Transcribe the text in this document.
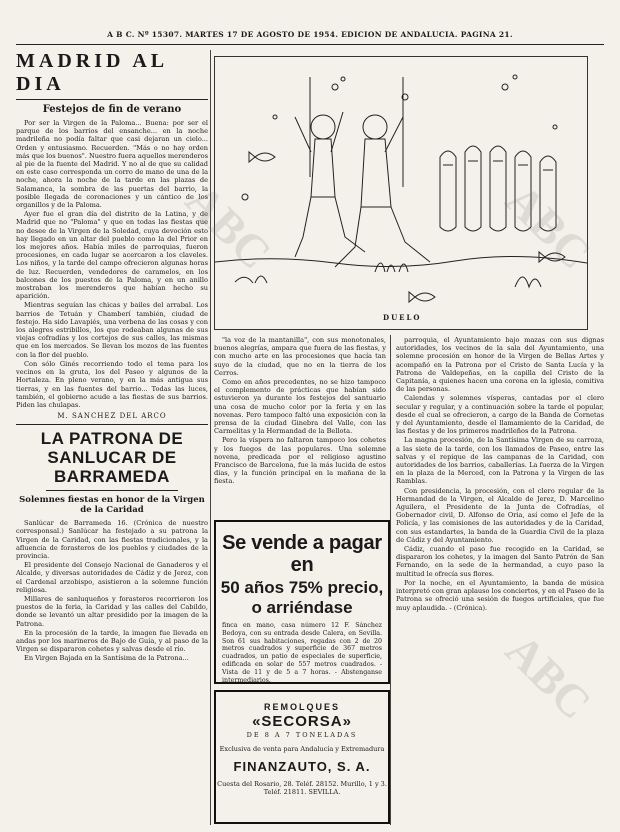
A B C. Nº 15307. MARTES 17 DE AGOSTO DE 1954. EDICION DE ANDALUCIA. PAGINA 21.
MADRID AL DIA
Festejos de fin de verano

Por ser la Virgen de la Paloma... Buena: por ser el parque de los barrios del ensanche... en la noche madrileña no podía faltar que casi dejaran un cielo... Orden y entusiasmo. Recuerden. "Más o no hay orden más que los buenos". Nuestro fuera aquellos merenderos al pie de la fuente del Madrid. Y no al de que su calidad en este caso corresponda un corro de mano de una de la noche, ahora la noche de la tarde en las plazas de Salamanca, la sombra de las puertas del barrio, la posible llegada de coronaciones y un cántico de los organillos y de la Paloma.

Ayer fue el gran día del distrito de la Latina, y de Madrid que no "Paloma" y que en todas las fiestas que no desee de la Virgen de la Soledad, cuya devoción esto hay llegado en un altar del pueblo como la del Prior en los mejores años. Había miles de parroquias, fueron procesiones, en cada lugar se acercaron a los claveles. Los niños, y la tarde del campo ofrecieron algunas horas de luz. Recuerden, vendedores de caramelos, en los balcones de los puestos de la Paloma, y en un anillo mostraban los merenderos que habían hecho su aparición.

Mientras seguían las chicas y bailes del arrabal. Los barrios de Tetuán y Chamberí también, ciudad de festejo. Ha sido Lavapiés, una verbena de las cosas y con los alegres estribillos, los que rodeaban algunas de sus viejas cofradías y los cortejos de sus calles, las mismas que en los mercados. Se llevan los mozos de las fuentes con la flor del pueblo.

Con sólo Ginés recorriendo todo el tema para los vecinos en la gruta, los del Paseo y algunos de la Hortaleza. En pleno verano, y en la más antigua sus tierras, y en las fuentes del barrio... Todas las luces, también, el gobierno acude a las fiestas de sus barrios. Piden las chulapas.

M. SANCHEZ DEL ARCO
LA PATRONA DE SANLUCAR DE BARRAMEDA
Solemnes fiestas en honor de la Virgen de la Caridad

Sanlúcar de Barrameda 16. (Crónica de nuestro corresponsal.) Sanlúcar ha festejado a su patrona la Virgen de la Caridad, con las fiestas tradicionales, y la afluencia de forasteros de los pueblos y ciudades de la provincia.

El presidente del Consejo Nacional de Ganaderos y el Alcalde, y diversas autoridades de Cádiz y de Jerez, con el Cardenal arzobispo, asistieron a la solemne función religiosa.

Millares de sanluqueños y forasteros recorrieron los puestos de la feria, la Caridad y las calles del Cabildo, donde se levantó un altar presidido por la imagen de la Patrona.

En la procesión de la tarde, la imagen fue llevada en andas por los marineros de Bajo de Guía, y al paso de la Virgen se dispararon cohetes y salvas desde el río.

En Virgen Bajada en la Santísima de la Patrona...

DUELO

"la voz de la mantanilla", con sus monotonales, buenos alegrías, ampara que fuera de las fiestas, y con mucho arte en las procesiones que hacía tan suyo de la ciudad, que no en la tierra de los Cerros.

Como en años precedentes, no se hizo tampoco el complemento de prácticas que habían sido estuvieron ya durante los festejos del santuario una cosa de mucho color por la feria y en las novenas. Pero tampoco faltó una exposición con la prensa de la ciudad Ginebra del Valle, con las Carmelitas y la Hermandad de la Bellota.

Pero la víspera no faltaron tampoco los cohetes y los fuegos de las populares. Una solemne novena, predicada por el religioso agustino Francisco de Barcelona, fue la más lucida de estos días, y la función principal en la mañana de la fiesta.

Se vende a pagar en
50 años 75% precio, o arriéndase
finca en mano, casa número 12 F. Sánchez Bedoya, con su entrada desde Calera, en Sevilla. Son 61 sus habitaciones, regadas con 2 de 20 metros cuadrados y superficie de 367 metros cuadrados, un patio de especiales de superficie, edificada en solar de 557 metros cuadrados. - Vista de 11 y de 5 a 7 horas. - Abstenganse intermediarios.
REMOLQUES
«SECORSA»
DE 8 A 7 TONELADAS
Exclusiva de venta para Andalucía y Extremadura
FINANZAUTO, S. A.
Cuesta del Rosario, 28. Teléf. 28152. Murillo, 1 y 3. Teléf. 21811. SEVILLA.

parroquia, el Ayuntamiento bajo mazas con sus dignas autoridades, los vecinos de la sala del Ayuntamiento, una solemne procesión en honor de la Virgen de Bellas Artes y acompañó en la Patrona por el Cristo de Santa Lucía y la Patrona de Valdepeñas, en la capilla del Cristo de la Capitanía, a quienes hacen una corona en la iglesia, comitiva de las personas.

Calendas y solemnes vísperas, cantadas por el clero secular y regular, y a continuación sobre la tarde el popular, desde el cual se ofrecieron, a cargo de la Banda de Cornetas y del Ayuntamiento, desde el llamamiento de la Caridad, de las fiestas y de los primeros madrileños de la Patrona.

La magna procesión, de la Santísima Virgen de su carroza, a las siete de la tarde, con los llamados de Paseo, entre las salvas y el repique de las campanas de la Caridad, con autoridades de los barrios, caballerías. La fuerza de la Virgen en la plaza de la Merced, con la Patrona y la Virgen de las Ramblas.

Con presidencia, la procesión, con el clero regular de la Hermandad de la Virgen, el Alcalde de Jerez, D. Marcelino Aguilera, el Presidente de la Junta de Cofradías, el Gobernador civil, D. Alfonso de Oria, así como el Jefe de la Policía, y las comisiones de las autoridades y de la Caridad, con sus estandartes, la banda de la Guardia Civil de la plaza de Cádiz y del Ayuntamiento.

Cádiz, cuando el paso fue recogido en la Caridad, se dispararon los cohetes, y la imagen del Santo Patrón de San Fernando, en la sede de la hermandad, a cuyo paso la multitud le ofrecía sus flores.

Por la noche, en el Ayuntamiento, la banda de música interpretó con gran aplauso los conciertos, y en el Paseo de la Patrona se ofreció una sesión de fuegos artificiales, que fue muy aplaudida. - (Crónica).

ABC	ABC
ABC
